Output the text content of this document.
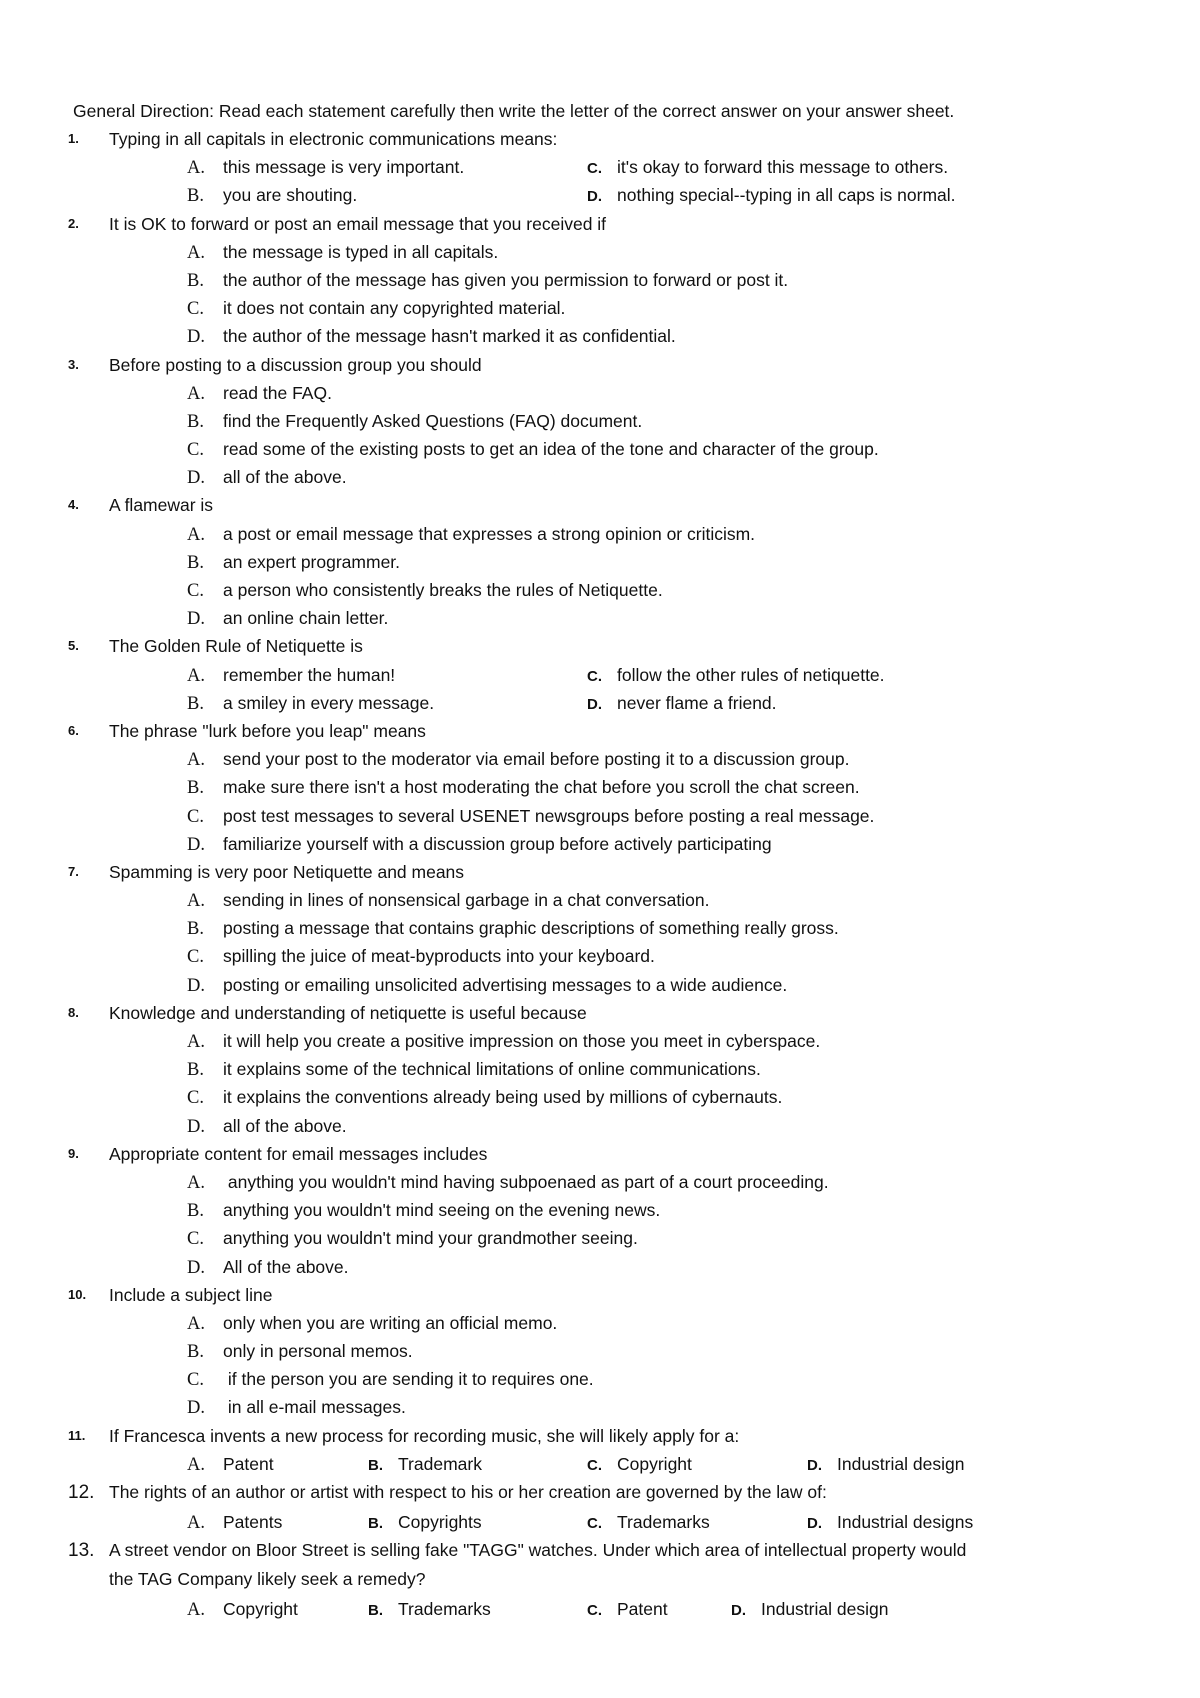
General Direction: Read each statement carefully then write the letter of the correct answer on your answer sheet.
1.	Typing in all capitals in electronic communications means:
A. this message is very important.	C. it's okay to forward this message to others.
B. you are shouting.	D. nothing special--typing in all caps is normal.
2.	It is OK to forward or post an email message that you received if
A. the message is typed in all capitals.
B. the author of the message has given you permission to forward or post it.
C. it does not contain any copyrighted material.
D. the author of the message hasn't marked it as confidential.
3.	Before posting to a discussion group you should
A. read the FAQ.
B. find the Frequently Asked Questions (FAQ) document.
C. read some of the existing posts to get an idea of the tone and character of the group.
D. all of the above.
4.	A flamewar is
A. a post or email message that expresses a strong opinion or criticism.
B. an expert programmer.
C. a person who consistently breaks the rules of Netiquette.
D. an online chain letter.
5.	The Golden Rule of Netiquette is
A. remember the human!	C. follow the other rules of netiquette.
B. a smiley in every message.	D. never flame a friend.
6.	The phrase "lurk before you leap" means
A. send your post to the moderator via email before posting it to a discussion group.
B. make sure there isn't a host moderating the chat before you scroll the chat screen.
C. post test messages to several USENET newsgroups before posting a real message.
D. familiarize yourself with a discussion group before actively participating
7.	Spamming is very poor Netiquette and means
A. sending in lines of nonsensical garbage in a chat conversation.
B. posting a message that contains graphic descriptions of something really gross.
C. spilling the juice of meat-byproducts into your keyboard.
D. posting or emailing unsolicited advertising messages to a wide audience.
8.	Knowledge and understanding of netiquette is useful because
A. it will help you create a positive impression on those you meet in cyberspace.
B. it explains some of the technical limitations of online communications.
C. it explains the conventions already being used by millions of cybernauts.
D. all of the above.
9.	Appropriate content for email messages includes
A. anything you wouldn't mind having subpoenaed as part of a court proceeding.
B. anything you wouldn't mind seeing on the evening news.
C. anything you wouldn't mind your grandmother seeing.
D. All of the above.
10.	Include a subject line
A. only when you are writing an official memo.
B. only in personal memos.
C. if the person you are sending it to requires one.
D. in all e-mail messages.
11.	If Francesca invents a new process for recording music, she will likely apply for a:
A. Patent	B. Trademark	C. Copyright	D. Industrial design
12. The rights of an author or artist with respect to his or her creation are governed by the law of:
A. Patents	B. Copyrights	C. Trademarks	D. Industrial designs
13. A street vendor on Bloor Street is selling fake "TAGG" watches. Under which area of intellectual property would
the TAG Company likely seek a remedy?
A. Copyright	B. Trademarks	C. Patent	D. Industrial design
